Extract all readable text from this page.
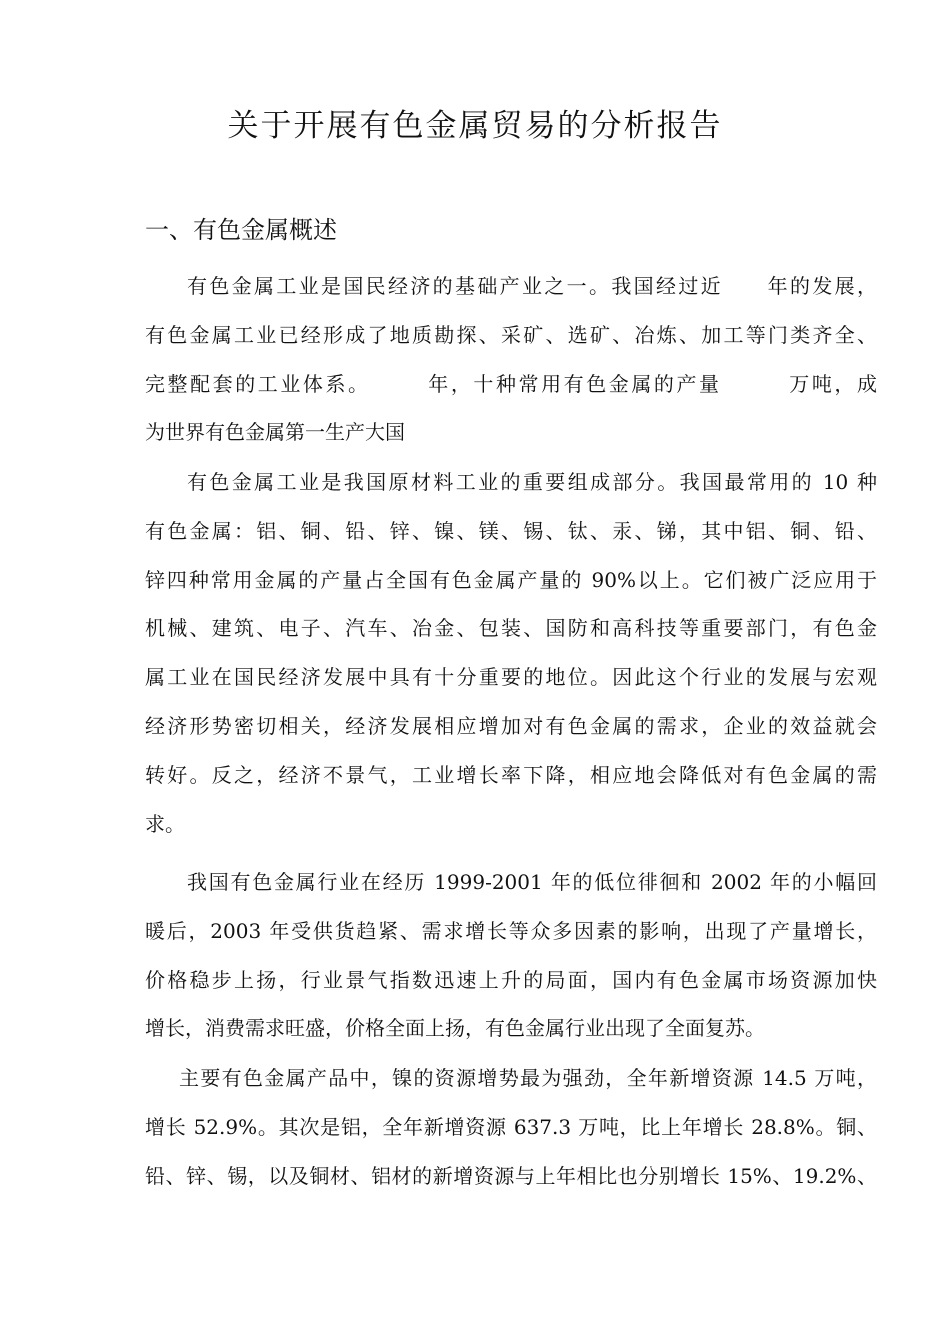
关于开展有色金属贸易的分析报告
一、有色金属概述
有色金属工业是国民经济的基础产业之一。我国经过近　　年的发展，
有色金属工业已经形成了地质勘探、采矿、选矿、冶炼、加工等门类齐全、
完整配套的工业体系。　　　年，十种常用有色金属的产量　　　万吨，成
为世界有色金属第一生产大国
有色金属工业是我国原材料工业的重要组成部分。我国最常用的 10 种
有色金属：铝、铜、铅、锌、镍、镁、锡、钛、汞、锑，其中铝、铜、铅、
锌四种常用金属的产量占全国有色金属产量的 90%以上。它们被广泛应用于
机械、建筑、电子、汽车、冶金、包装、国防和高科技等重要部门，有色金
属工业在国民经济发展中具有十分重要的地位。因此这个行业的发展与宏观
经济形势密切相关，经济发展相应增加对有色金属的需求，企业的效益就会
转好。反之，经济不景气，工业增长率下降，相应地会降低对有色金属的需
求。
我国有色金属行业在经历 1999-2001 年的低位徘徊和 2002 年的小幅回
暖后，2003 年受供货趋紧、需求增长等众多因素的影响，出现了产量增长，
价格稳步上扬，行业景气指数迅速上升的局面，国内有色金属市场资源加快
增长，消费需求旺盛，价格全面上扬，有色金属行业出现了全面复苏。
主要有色金属产品中，镍的资源增势最为强劲，全年新增资源 14.5 万吨，
增长 52.9%。其次是铝，全年新增资源 637.3 万吨，比上年增长 28.8%。铜、
铅、锌、锡，以及铜材、铝材的新增资源与上年相比也分别增长 15%、19.2%、
